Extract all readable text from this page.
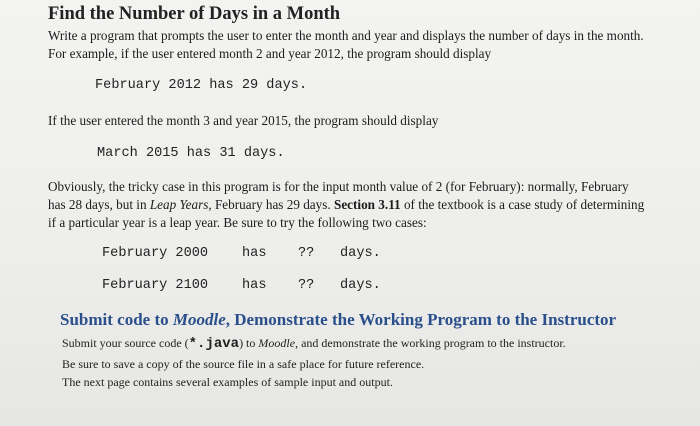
Find the Number of Days in a Month
Write a program that prompts the user to enter the month and year and displays the number of days in the month.
For example, if the user entered month 2 and year 2012, the program should display
February 2012 has 29 days.
If the user entered the month 3 and year 2015, the program should display
March 2015 has 31 days.
Obviously, the tricky case in this program is for the input month value of 2 (for February): normally, February
has 28 days, but in Leap Years, February has 29 days. Section 3.11 of the textbook is a case study of determining
if a particular year is a leap year. Be sure to try the following two cases:
February 2000 has ?? days.
February 2100 has ?? days.
Submit code to Moodle, Demonstrate the Working Program to the Instructor
Submit your source code (*.java) to Moodle, and demonstrate the working program to the instructor.
Be sure to save a copy of the source file in a safe place for future reference.
The next page contains several examples of sample input and output.
